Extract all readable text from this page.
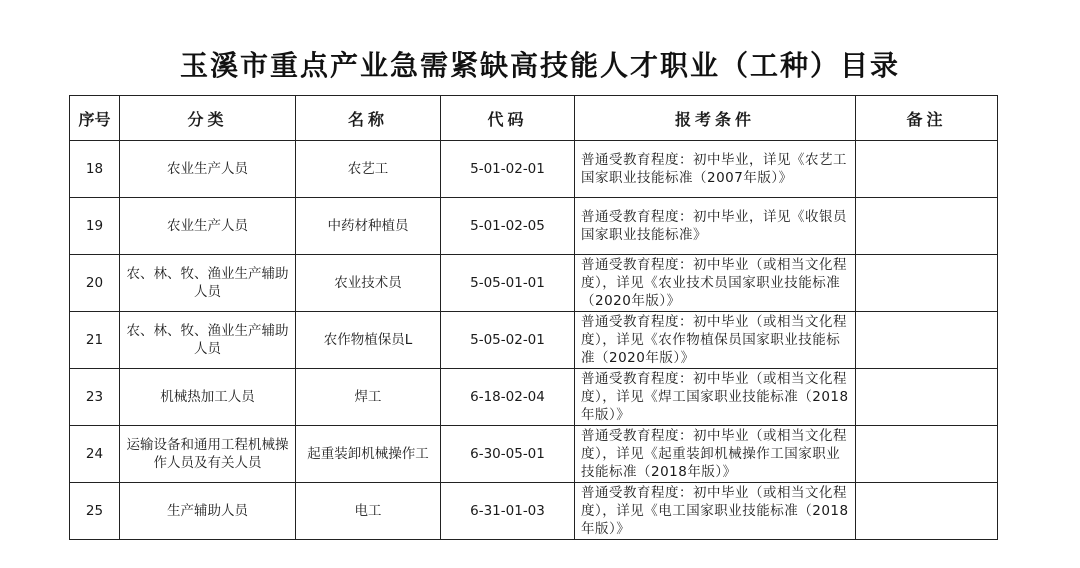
玉溪市重点产业急需紧缺高技能人才职业（工种）目录
序号	分类	名称	代码	报考条件	备注
18	农业生产人员	农艺工	5-01-02-01	普通受教育程度：初中毕业，详见《农艺工国家职业技能标准（2007年版）》	
19	农业生产人员	中药材种植员	5-01-02-05	普通受教育程度：初中毕业，详见《收银员国家职业技能标准》	
20	农、林、牧、渔业生产辅助人员	农业技术员	5-05-01-01	普通受教育程度：初中毕业（或相当文化程度），详见《农业技术员国家职业技能标准（2020年版）》	
21	农、林、牧、渔业生产辅助人员	农作物植保员L	5-05-02-01	普通受教育程度：初中毕业（或相当文化程度），详见《农作物植保员国家职业技能标准（2020年版）》	
23	机械热加工人员	焊工	6-18-02-04	普通受教育程度：初中毕业（或相当文化程度），详见《焊工国家职业技能标准（2018年版）》	
24	运输设备和通用工程机械操作人员及有关人员	起重装卸机械操作工	6-30-05-01	普通受教育程度：初中毕业（或相当文化程度），详见《起重装卸机械操作工国家职业技能标准（2018年版）》	
25	生产辅助人员	电工	6-31-01-03	普通受教育程度：初中毕业（或相当文化程度），详见《电工国家职业技能标准（2018年版）》	
